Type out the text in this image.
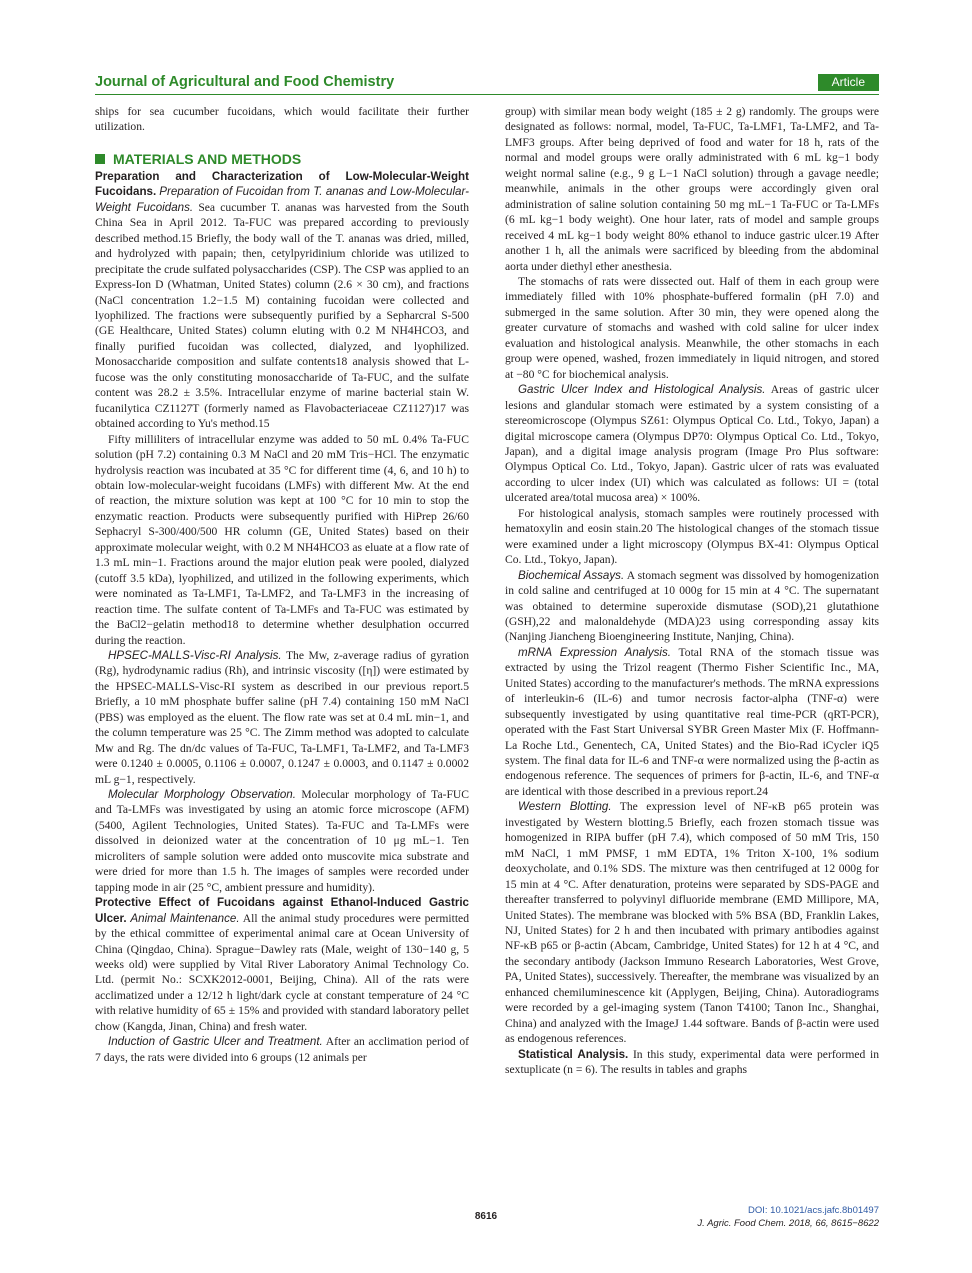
Journal of Agricultural and Food Chemistry	Article

ships for sea cucumber fucoidans, which would facilitate their further utilization.

MATERIALS AND METHODS

Preparation and Characterization of Low-Molecular-Weight Fucoidans. Preparation of Fucoidan from T. ananas and Low-Molecular-Weight Fucoidans. Sea cucumber T. ananas was harvested from the South China Sea in April 2012. Ta-FUC was prepared according to previously described method.15 Briefly, the body wall of the T. ananas was dried, milled, and hydrolyzed with papain; then, cetylpyridinium chloride was utilized to precipitate the crude sulfated polysaccharides (CSP). The CSP was applied to an Express-Ion D (Whatman, United States) column (2.6 × 30 cm), and fractions (NaCl concentration 1.2−1.5 M) containing fucoidan were collected and lyophilized. The fractions were subsequently purified by a Sepharcral S-500 (GE Healthcare, United States) column eluting with 0.2 M NH4HCO3, and finally purified fucoidan was collected, dialyzed, and lyophilized. Monosaccharide composition and sulfate contents18 analysis showed that L-fucose was the only constituting monosaccharide of Ta-FUC, and the sulfate content was 28.2 ± 3.5%. Intracellular enzyme of marine bacterial stain W. fucanilytica CZ1127T (formerly named as Flavobacteriaceae CZ1127)17 was obtained according to Yu's method.15

Fifty milliliters of intracellular enzyme was added to 50 mL 0.4% Ta-FUC solution (pH 7.2) containing 0.3 M NaCl and 20 mM Tris−HCl. The enzymatic hydrolysis reaction was incubated at 35 °C for different time (4, 6, and 10 h) to obtain low-molecular-weight fucoidans (LMFs) with different Mw. At the end of reaction, the mixture solution was kept at 100 °C for 10 min to stop the enzymatic reaction. Products were subsequently purified with HiPrep 26/60 Sephacryl S-300/400/500 HR column (GE, United States) based on their approximate molecular weight, with 0.2 M NH4HCO3 as eluate at a flow rate of 1.3 mL min−1. Fractions around the major elution peak were pooled, dialyzed (cutoff 3.5 kDa), lyophilized, and utilized in the following experiments, which were nominated as Ta-LMF1, Ta-LMF2, and Ta-LMF3 in the increasing of reaction time. The sulfate content of Ta-LMFs and Ta-FUC was estimated by the BaCl2−gelatin method18 to determine whether desulphation occurred during the reaction.

HPSEC-MALLS-Visc-RI Analysis. The Mw, z-average radius of gyration (Rg), hydrodynamic radius (Rh), and intrinsic viscosity ([η]) were estimated by the HPSEC-MALLS-Visc-RI system as described in our previous report.5 Briefly, a 10 mM phosphate buffer saline (pH 7.4) containing 150 mM NaCl (PBS) was employed as the eluent. The flow rate was set at 0.4 mL min−1, and the column temperature was 25 °C. The Zimm method was adopted to calculate Mw and Rg. The dn/dc values of Ta-FUC, Ta-LMF1, Ta-LMF2, and Ta-LMF3 were 0.1240 ± 0.0005, 0.1106 ± 0.0007, 0.1247 ± 0.0003, and 0.1147 ± 0.0002 mL g−1, respectively.

Molecular Morphology Observation. Molecular morphology of Ta-FUC and Ta-LMFs was investigated by using an atomic force microscope (AFM) (5400, Agilent Technologies, United States). Ta-FUC and Ta-LMFs were dissolved in deionized water at the concentration of 10 μg mL−1. Ten microliters of sample solution were added onto muscovite mica substrate and were dried for more than 1.5 h. The images of samples were recorded under tapping mode in air (25 °C, ambient pressure and humidity).

Protective Effect of Fucoidans against Ethanol-Induced Gastric Ulcer. Animal Maintenance. All the animal study procedures were permitted by the ethical committee of experimental animal care at Ocean University of China (Qingdao, China). Sprague−Dawley rats (Male, weight of 130−140 g, 5 weeks old) were supplied by Vital River Laboratory Animal Technology Co. Ltd. (permit No.: SCXK2012-0001, Beijing, China). All of the rats were acclimatized under a 12/12 h light/dark cycle at constant temperature of 24 °C with relative humidity of 65 ± 15% and provided with standard laboratory pellet chow (Kangda, Jinan, China) and fresh water.

Induction of Gastric Ulcer and Treatment. After an acclimation period of 7 days, the rats were divided into 6 groups (12 animals per

group) with similar mean body weight (185 ± 2 g) randomly. The groups were designated as follows: normal, model, Ta-FUC, Ta-LMF1, Ta-LMF2, and Ta-LMF3 groups. After being deprived of food and water for 18 h, rats of the normal and model groups were orally administrated with 6 mL kg−1 body weight normal saline (e.g., 9 g L−1 NaCl solution) through a gavage needle; meanwhile, animals in the other groups were accordingly given oral administration of saline solution containing 50 mg mL−1 Ta-FUC or Ta-LMFs (6 mL kg−1 body weight). One hour later, rats of model and sample groups received 4 mL kg−1 body weight 80% ethanol to induce gastric ulcer.19 After another 1 h, all the animals were sacrificed by bleeding from the abdominal aorta under diethyl ether anesthesia.

The stomachs of rats were dissected out. Half of them in each group were immediately filled with 10% phosphate-buffered formalin (pH 7.0) and submerged in the same solution. After 30 min, they were opened along the greater curvature of stomachs and washed with cold saline for ulcer index evaluation and histological analysis. Meanwhile, the other stomachs in each group were opened, washed, frozen immediately in liquid nitrogen, and stored at −80 °C for biochemical analysis.

Gastric Ulcer Index and Histological Analysis. Areas of gastric ulcer lesions and glandular stomach were estimated by a system consisting of a stereomicroscope (Olympus SZ61: Olympus Optical Co. Ltd., Tokyo, Japan) a digital microscope camera (Olympus DP70: Olympus Optical Co. Ltd., Tokyo, Japan), and a digital image analysis program (Image Pro Plus software: Olympus Optical Co. Ltd., Tokyo, Japan). Gastric ulcer of rats was evaluated according to ulcer index (UI) which was calculated as follows: UI = (total ulcerated area/total mucosa area) × 100%.

For histological analysis, stomach samples were routinely processed with hematoxylin and eosin stain.20 The histological changes of the stomach tissue were examined under a light microscopy (Olympus BX-41: Olympus Optical Co. Ltd., Tokyo, Japan).

Biochemical Assays. A stomach segment was dissolved by homogenization in cold saline and centrifuged at 10 000g for 15 min at 4 °C. The supernatant was obtained to determine superoxide dismutase (SOD),21 glutathione (GSH),22 and malonaldehyde (MDA)23 using corresponding assay kits (Nanjing Jiancheng Bioengineering Institute, Nanjing, China).

mRNA Expression Analysis. Total RNA of the stomach tissue was extracted by using the Trizol reagent (Thermo Fisher Scientific Inc., MA, United States) according to the manufacturer's methods. The mRNA expressions of interleukin-6 (IL-6) and tumor necrosis factor-alpha (TNF-α) were subsequently investigated by using quantitative real time-PCR (qRT-PCR), operated with the Fast Start Universal SYBR Green Master Mix (F. Hoffmann-La Roche Ltd., Genentech, CA, United States) and the Bio-Rad iCycler iQ5 system. The final data for IL-6 and TNF-α were normalized using the β-actin as endogenous reference. The sequences of primers for β-actin, IL-6, and TNF-α are identical with those described in a previous report.24

Western Blotting. The expression level of NF-κB p65 protein was investigated by Western blotting.5 Briefly, each frozen stomach tissue was homogenized in RIPA buffer (pH 7.4), which composed of 50 mM Tris, 150 mM NaCl, 1 mM PMSF, 1 mM EDTA, 1% Triton X-100, 1% sodium deoxycholate, and 0.1% SDS. The mixture was then centrifuged at 12 000g for 15 min at 4 °C. After denaturation, proteins were separated by SDS-PAGE and thereafter transferred to polyvinyl difluoride membrane (EMD Millipore, MA, United States). The membrane was blocked with 5% BSA (BD, Franklin Lakes, NJ, United States) for 2 h and then incubated with primary antibodies against NF-κB p65 or β-actin (Abcam, Cambridge, United States) for 12 h at 4 °C, and the secondary antibody (Jackson Immuno Research Laboratories, West Grove, PA, United States), successively. Thereafter, the membrane was visualized by an enhanced chemiluminescence kit (Applygen, Beijing, China). Autoradiograms were recorded by a gel-imaging system (Tanon T4100; Tanon Inc., Shanghai, China) and analyzed with the ImageJ 1.44 software. Bands of β-actin were used as endogenous references.

Statistical Analysis. In this study, experimental data were performed in sextuplicate (n = 6). The results in tables and graphs

8616
DOI: 10.1021/acs.jafc.8b01497
J. Agric. Food Chem. 2018, 66, 8615−8622
